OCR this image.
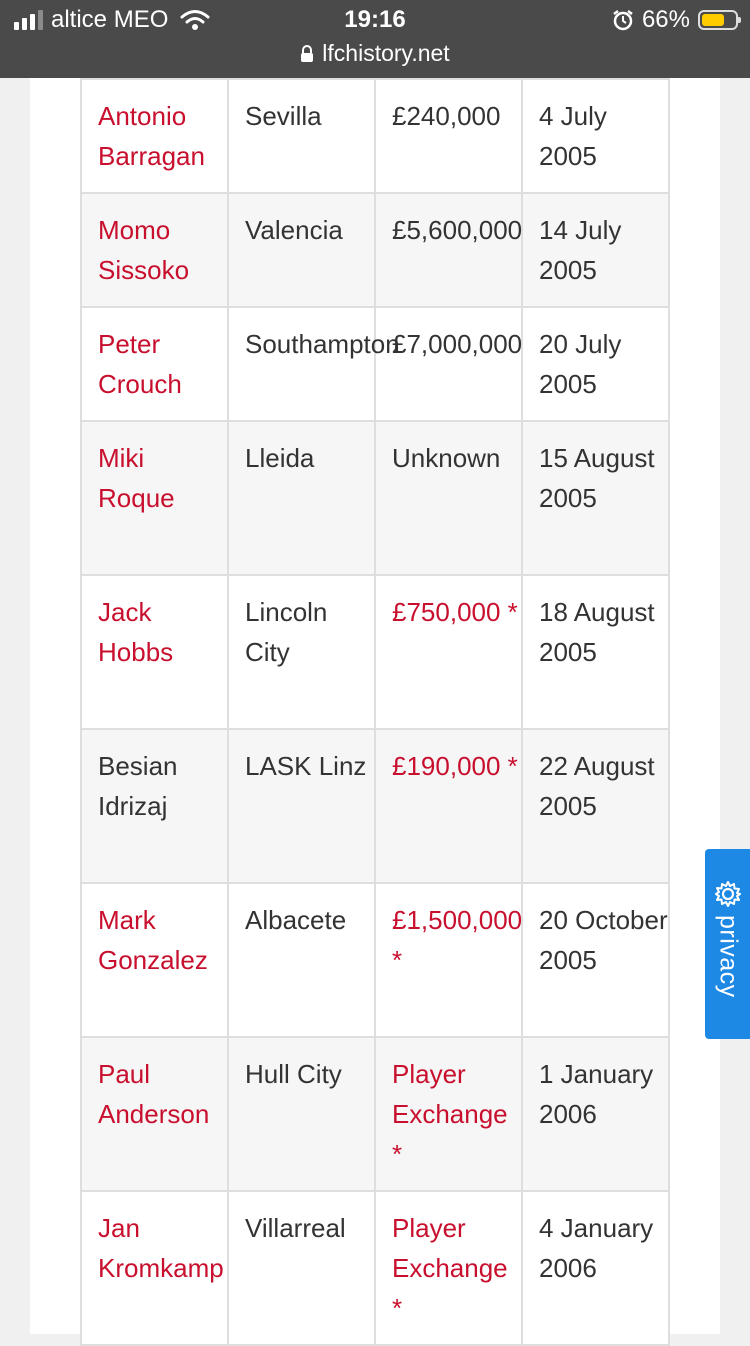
altice MEO	19:16	66%
lfchistory.net
Antonio Barragan	Sevilla	£240,000	4 July 2005
Momo Sissoko	Valencia	£5,600,000	14 July 2005
Peter Crouch	Southampton	£7,000,000	20 July 2005
Miki Roque	Lleida	Unknown	15 August 2005
Jack Hobbs	Lincoln City	£750,000 *	18 August 2005
Besian Idrizaj	LASK Linz	£190,000 *	22 August 2005
Mark Gonzalez	Albacete	£1,500,000 *	20 October 2005
Paul Anderson	Hull City	Player Exchange *	1 January 2006
Jan Kromkamp	Villarreal	Player Exchange *	4 January 2006
privacy
